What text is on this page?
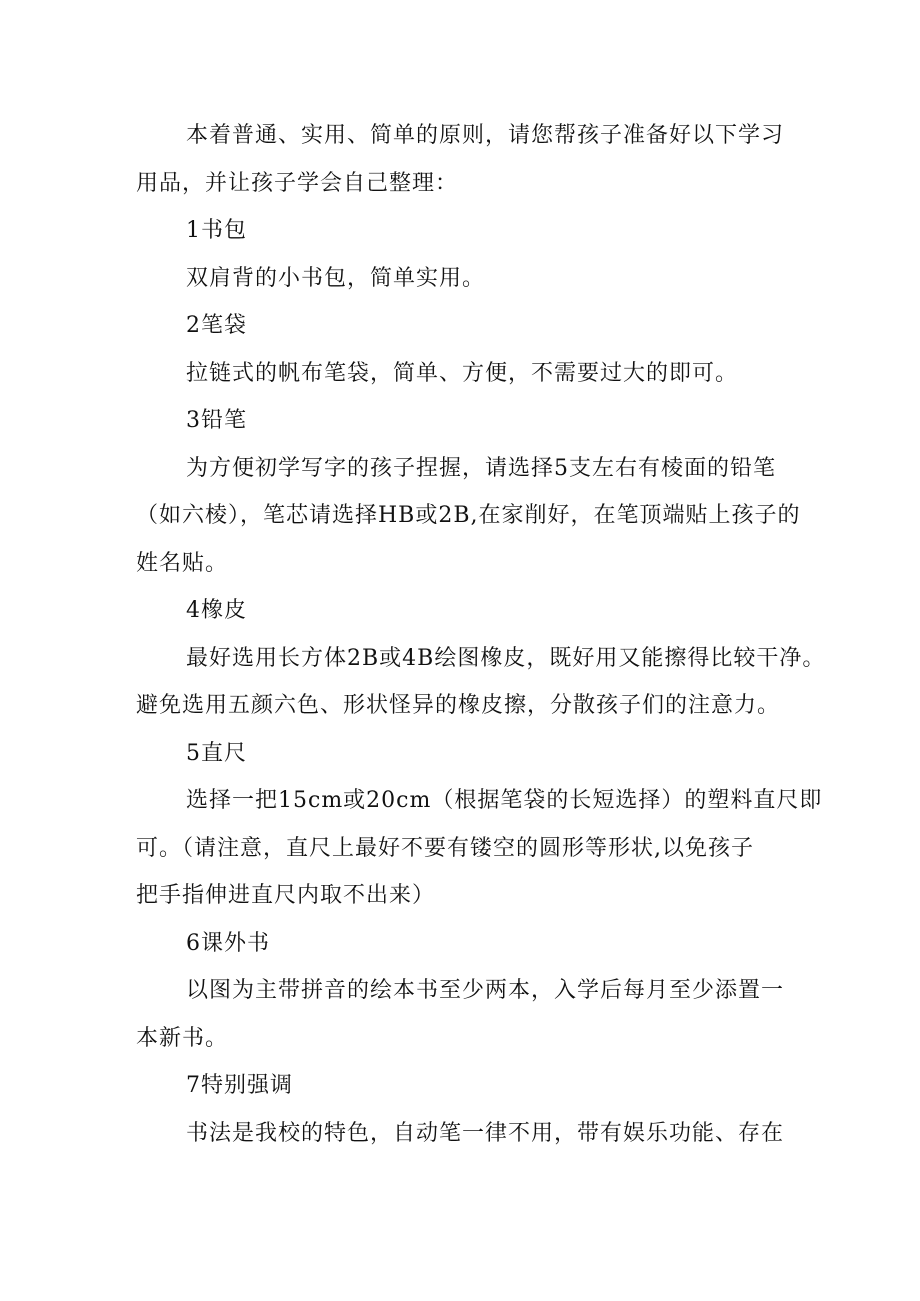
本着普通、实用、简单的原则，请您帮孩子准备好以下学习
用品，并让孩子学会自己整理：
1书包
双肩背的小书包，简单实用。
2笔袋
拉链式的帆布笔袋，简单、方便，不需要过大的即可。
3铅笔
为方便初学写字的孩子捏握，请选择5支左右有棱面的铅笔
（如六棱），笔芯请选择HB或2B,在家削好，在笔顶端贴上孩子的
姓名贴。
4橡皮
最好选用长方体2B或4B绘图橡皮，既好用又能擦得比较干净。
避免选用五颜六色、形状怪异的橡皮擦，分散孩子们的注意力。
5直尺
选择一把15cm或20cm（根据笔袋的长短选择）的塑料直尺即
可。（请注意，直尺上最好不要有镂空的圆形等形状,以免孩子
把手指伸进直尺内取不出来）
6课外书
以图为主带拼音的绘本书至少两本，入学后每月至少添置一
本新书。
7特别强调
书法是我校的特色，自动笔一律不用，带有娱乐功能、存在
